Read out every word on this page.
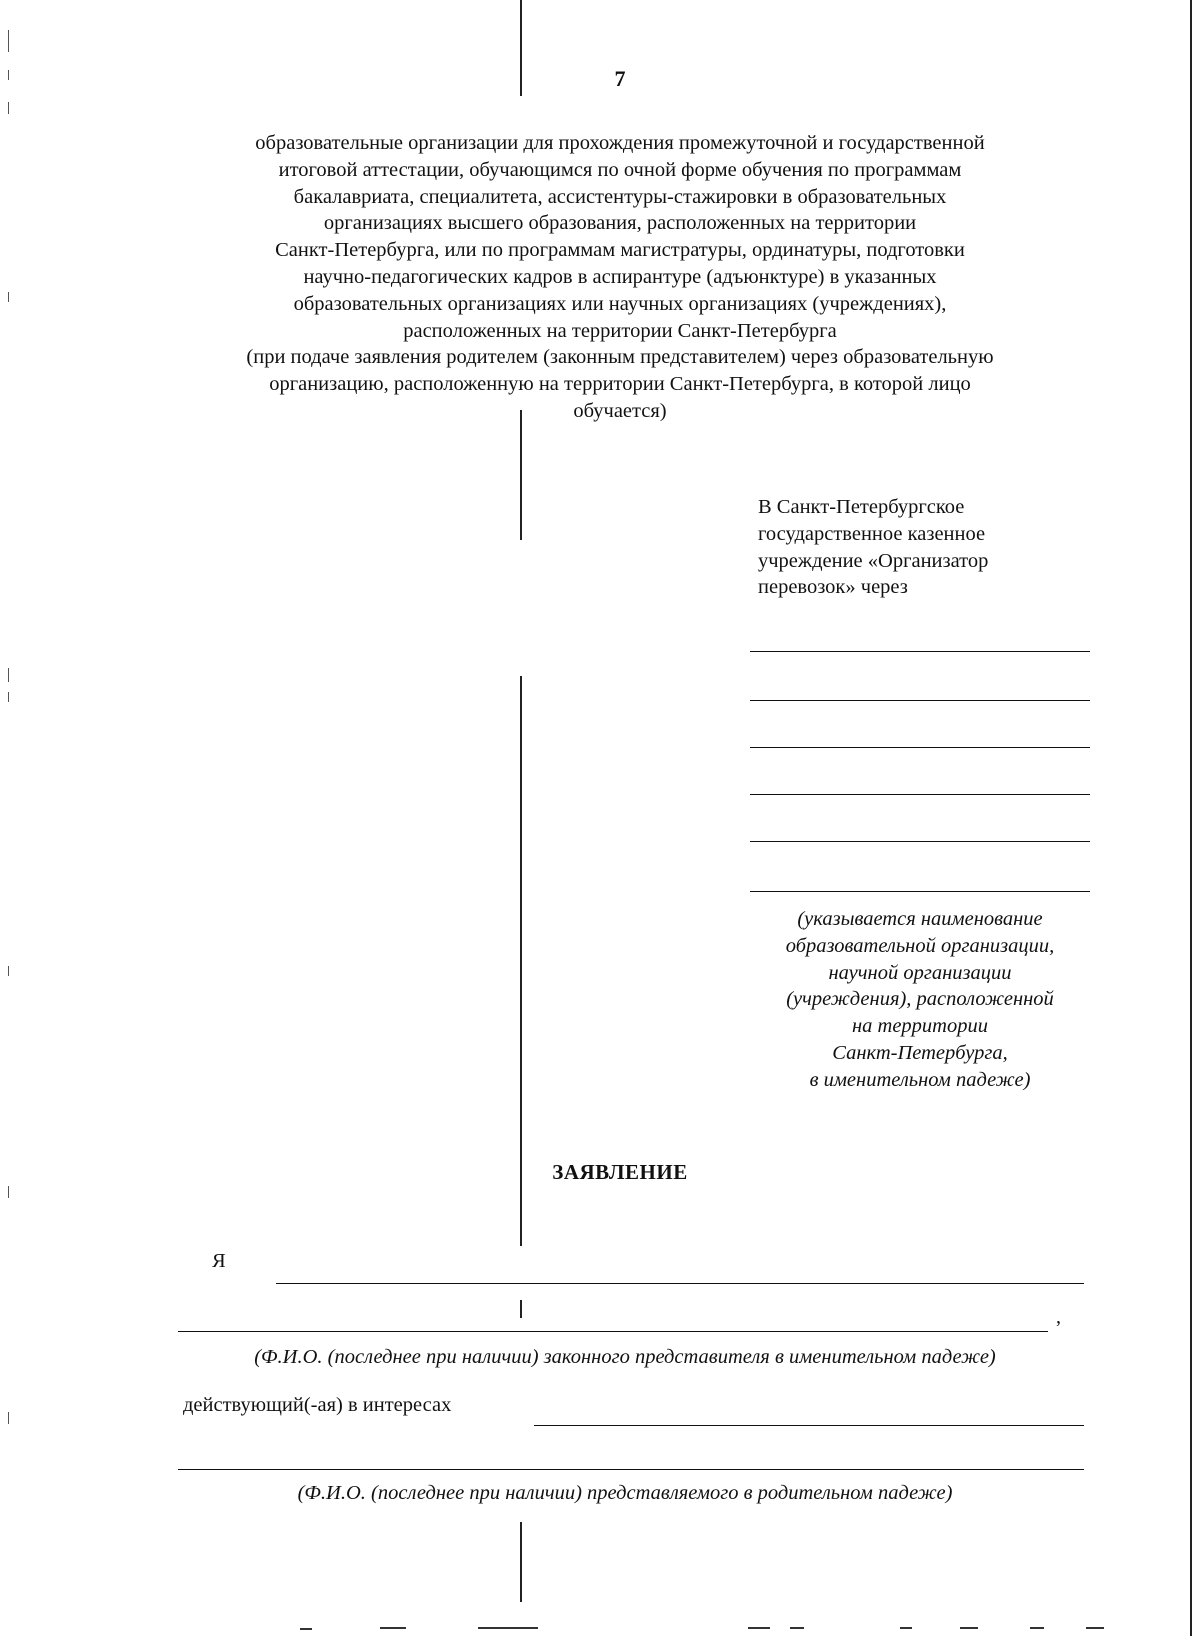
7
образовательные организации для прохождения промежуточной и государственной
итоговой аттестации, обучающимся по очной форме обучения по программам
бакалавриата, специалитета, ассистентуры-стажировки в образовательных
организациях высшего образования, расположенных на территории
Санкт-Петербурга, или по программам магистратуры, ординатуры, подготовки
научно-педагогических кадров в аспирантуре (адъюнктуре) в указанных
образовательных организациях или научных организациях (учреждениях),
расположенных на территории Санкт-Петербурга
(при подаче заявления родителем (законным представителем) через образовательную
организацию, расположенную на территории Санкт-Петербурга, в которой лицо
обучается)
В Санкт-Петербургское
государственное казенное
учреждение «Организатор
перевозок» через
(указывается наименование
образовательной организации,
научной организации
(учреждения), расположенной
на территории
Санкт-Петербурга,
в именительном падеже)
ЗАЯВЛЕНИЕ
Я
,
(Ф.И.О. (последнее при наличии) законного представителя в именительном падеже)
действующий(-ая) в интересах
(Ф.И.О. (последнее при наличии) представляемого в родительном падеже)
